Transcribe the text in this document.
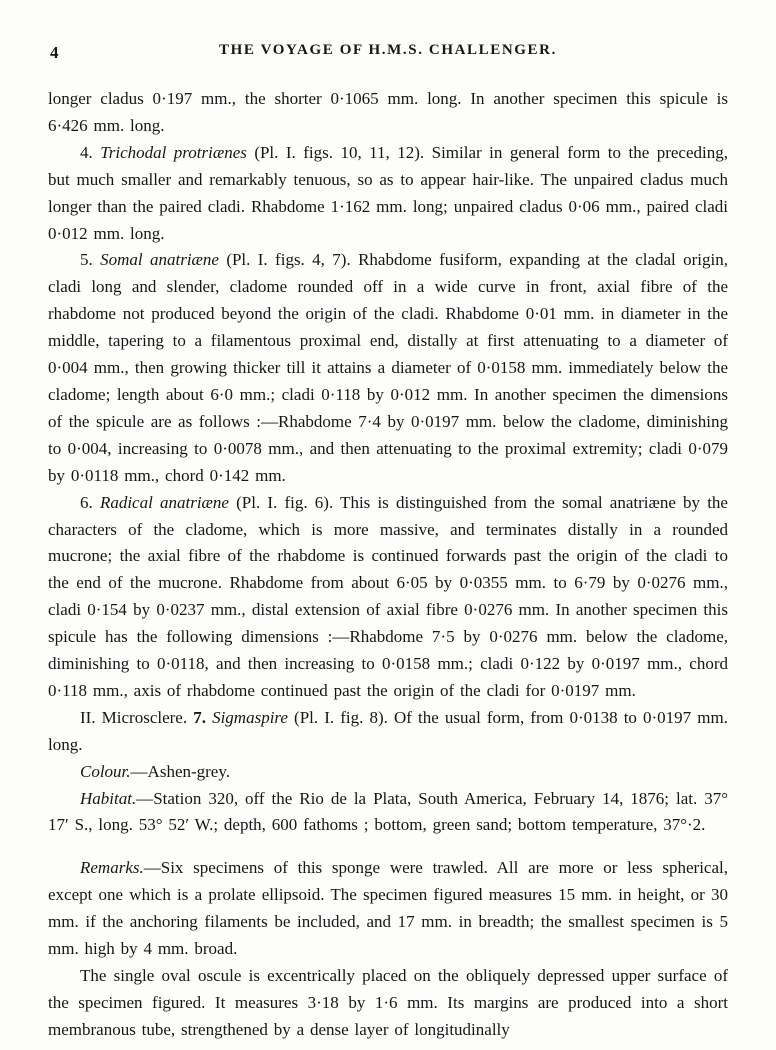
4	THE VOYAGE OF H.M.S. CHALLENGER.

longer cladus 0·197 mm., the shorter 0·1065 mm. long. In another specimen this spicule is 6·426 mm. long.

4. Trichodal protriænes (Pl. I. figs. 10, 11, 12). Similar in general form to the preceding, but much smaller and remarkably tenuous, so as to appear hair-like. The unpaired cladus much longer than the paired cladi. Rhabdome 1·162 mm. long; unpaired cladus 0·06 mm., paired cladi 0·012 mm. long.

5. Somal anatriæne (Pl. I. figs. 4, 7). Rhabdome fusiform, expanding at the cladal origin, cladi long and slender, cladome rounded off in a wide curve in front, axial fibre of the rhabdome not produced beyond the origin of the cladi. Rhabdome 0·01 mm. in diameter in the middle, tapering to a filamentous proximal end, distally at first attenuating to a diameter of 0·004 mm., then growing thicker till it attains a diameter of 0·0158 mm. immediately below the cladome; length about 6·0 mm.; cladi 0·118 by 0·012 mm. In another specimen the dimensions of the spicule are as follows :—Rhabdome 7·4 by 0·0197 mm. below the cladome, diminishing to 0·004, increasing to 0·0078 mm., and then attenuating to the proximal extremity; cladi 0·079 by 0·0118 mm., chord 0·142 mm.

6. Radical anatriæne (Pl. I. fig. 6). This is distinguished from the somal anatriæne by the characters of the cladome, which is more massive, and terminates distally in a rounded mucrone; the axial fibre of the rhabdome is continued forwards past the origin of the cladi to the end of the mucrone. Rhabdome from about 6·05 by 0·0355 mm. to 6·79 by 0·0276 mm., cladi 0·154 by 0·0237 mm., distal extension of axial fibre 0·0276 mm. In another specimen this spicule has the following dimensions :—Rhabdome 7·5 by 0·0276 mm. below the cladome, diminishing to 0·0118, and then increasing to 0·0158 mm.; cladi 0·122 by 0·0197 mm., chord 0·118 mm., axis of rhabdome continued past the origin of the cladi for 0·0197 mm.

II. Microsclere. 7. Sigmaspire (Pl. I. fig. 8). Of the usual form, from 0·0138 to 0·0197 mm. long.

Colour.—Ashen-grey.

Habitat.—Station 320, off the Rio de la Plata, South America, February 14, 1876; lat. 37° 17′ S., long. 53° 52′ W.; depth, 600 fathoms ; bottom, green sand; bottom temperature, 37°·2.

Remarks.—Six specimens of this sponge were trawled. All are more or less spherical, except one which is a prolate ellipsoid. The specimen figured measures 15 mm. in height, or 30 mm. if the anchoring filaments be included, and 17 mm. in breadth; the smallest specimen is 5 mm. high by 4 mm. broad.

The single oval oscule is excentrically placed on the obliquely depressed upper surface of the specimen figured. It measures 3·18 by 1·6 mm. Its margins are produced into a short membranous tube, strengthened by a dense layer of longitudinally
